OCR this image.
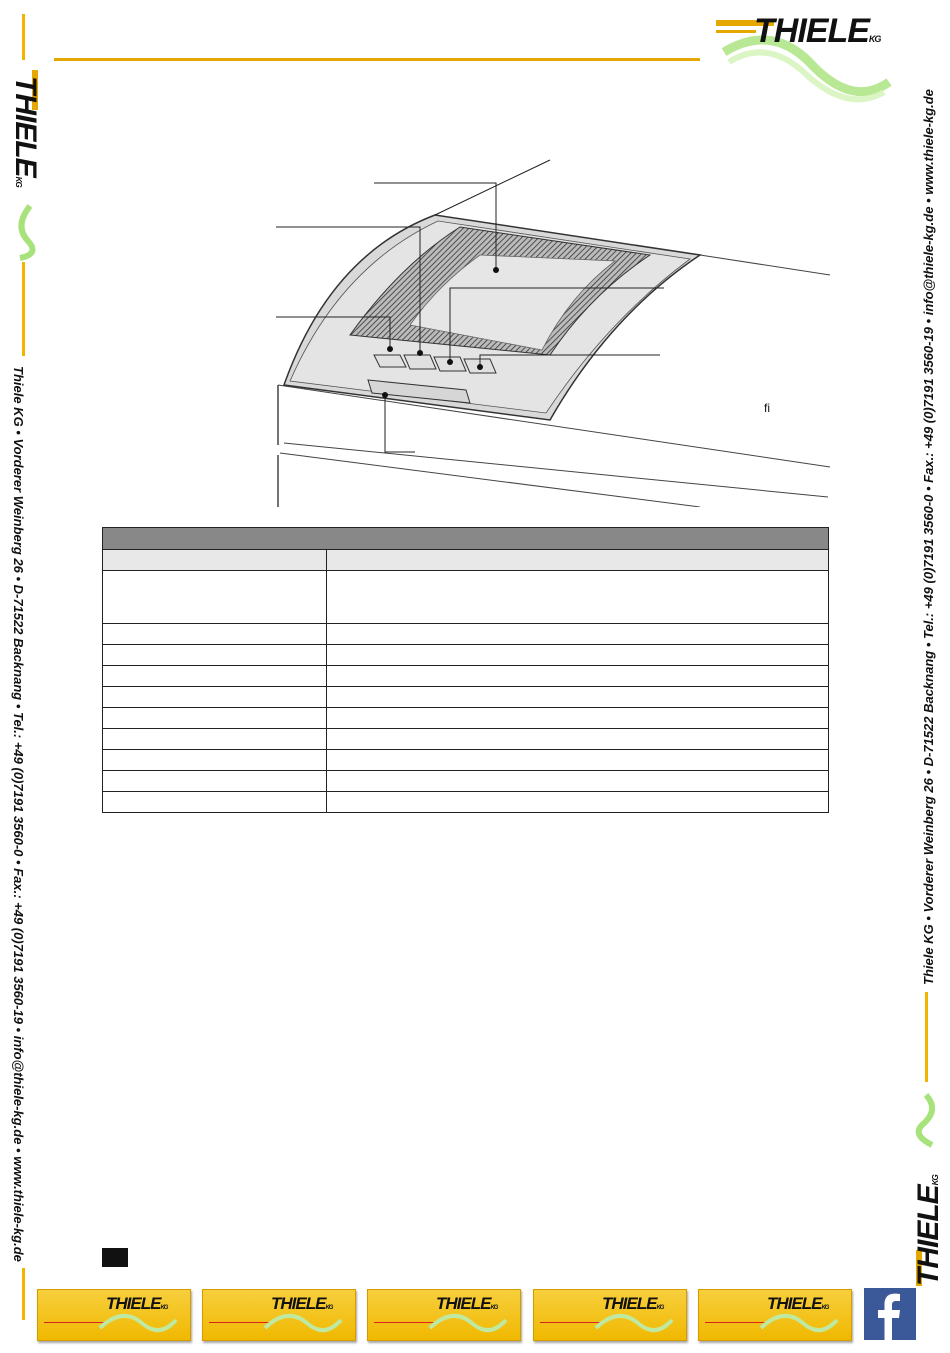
THIELEKG
THIELEKG
THIELEKG
Thiele KG • Vorderer Weinberg 26 • D-71522 Backnang • Tel.: +49 (0)7191 3560-0 • Fax.: +49 (0)7191 3560-19 • info@thiele-kg.de • www.thiele-kg.de	Thiele KG • Vorderer Weinberg 26 • D-71522 Backnang • Tel.: +49 (0)7191 3560-0 • Fax.: +49 (0)7191 3560-19 • info@thiele-kg.de • www.thiele-kg.de
fi

THIELEKG	THIELEKG	THIELEKG	THIELEKG	THIELEKG
